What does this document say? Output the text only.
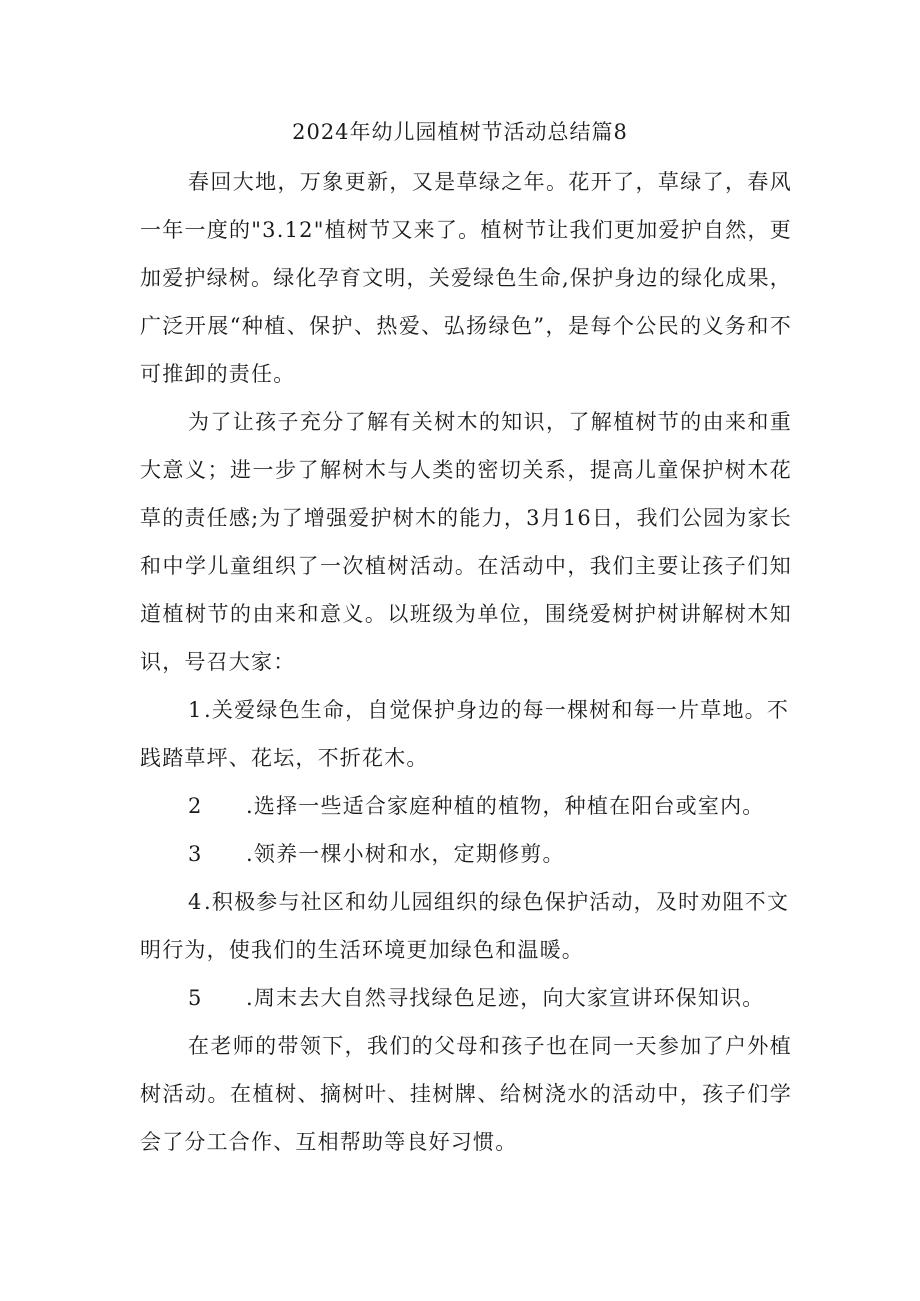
2024年幼儿园植树节活动总结篇8

春回大地，万象更新，又是草绿之年。花开了，草绿了，春风一年一度的"3.12"植树节又来了。植树节让我们更加爱护自然，更加爱护绿树。绿化孕育文明，关爱绿色生命,保护身边的绿化成果，广泛开展“种植、保护、热爱、弘扬绿色”，是每个公民的义务和不可推卸的责任。

为了让孩子充分了解有关树木的知识，了解植树节的由来和重大意义；进一步了解树木与人类的密切关系，提高儿童保护树木花草的责任感;为了增强爱护树木的能力，3月16日，我们公园为家长和中学儿童组织了一次植树活动。在活动中，我们主要让孩子们知道植树节的由来和意义。以班级为单位，围绕爱树护树讲解树木知识，号召大家：

1.关爱绿色生命，自觉保护身边的每一棵树和每一片草地。不践踏草坪、花坛，不折花木。

2 .选择一些适合家庭种植的植物，种植在阳台或室内。

3 .领养一棵小树和水，定期修剪。

4.积极参与社区和幼儿园组织的绿色保护活动，及时劝阻不文明行为，使我们的生活环境更加绿色和温暖。

5 .周末去大自然寻找绿色足迹，向大家宣讲环保知识。

在老师的带领下，我们的父母和孩子也在同一天参加了户外植树活动。在植树、摘树叶、挂树牌、给树浇水的活动中，孩子们学会了分工合作、互相帮助等良好习惯。
